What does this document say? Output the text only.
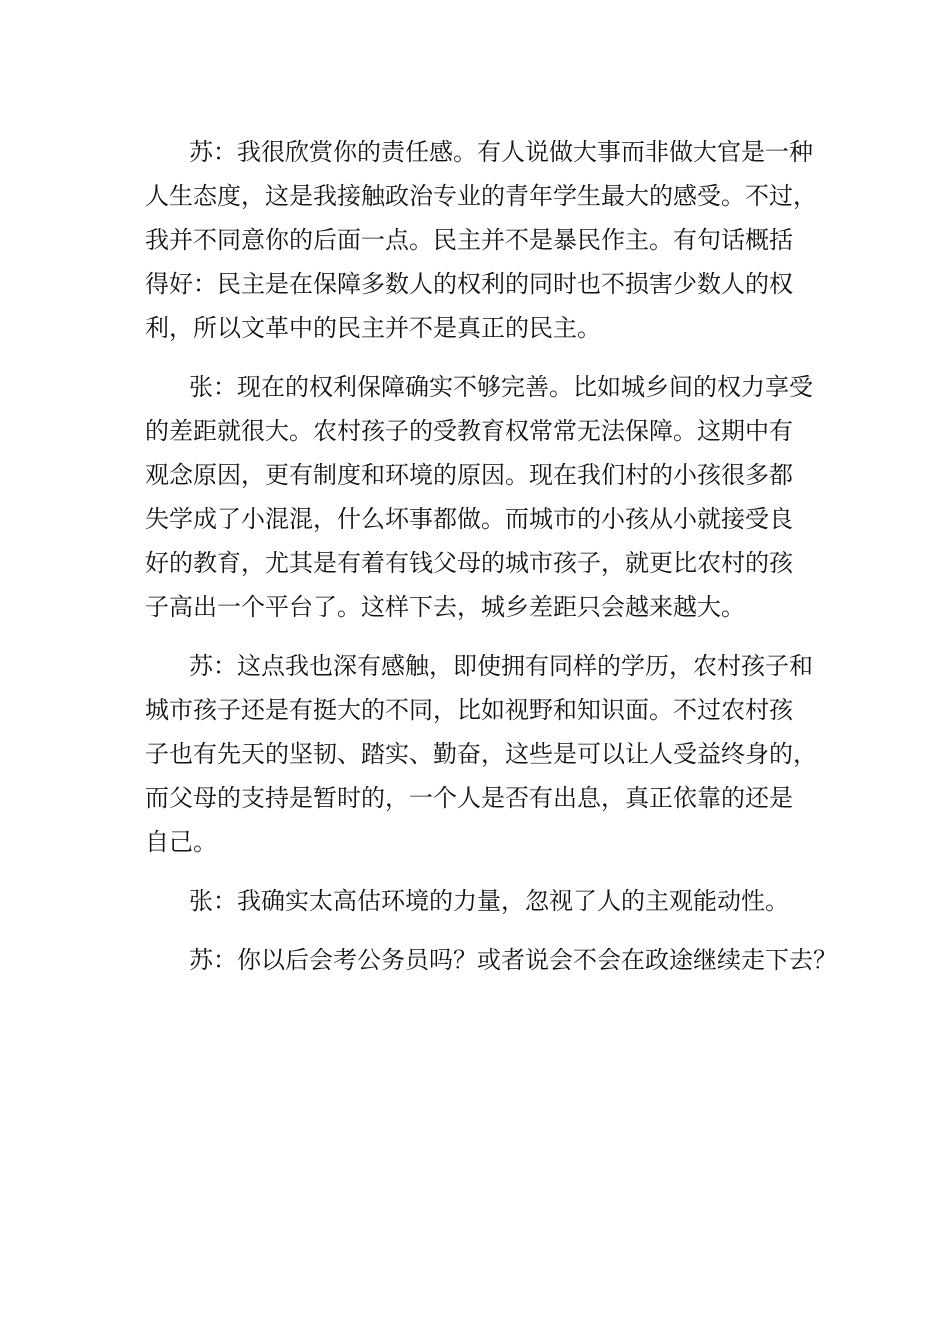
苏：我很欣赏你的责任感。有人说做大事而非做大官是一种
人生态度，这是我接触政治专业的青年学生最大的感受。不过，
我并不同意你的后面一点。民主并不是暴民作主。有句话概括
得好：民主是在保障多数人的权利的同时也不损害少数人的权
利，所以文革中的民主并不是真正的民主。

张：现在的权利保障确实不够完善。比如城乡间的权力享受
的差距就很大。农村孩子的受教育权常常无法保障。这期中有
观念原因，更有制度和环境的原因。现在我们村的小孩很多都
失学成了小混混，什么坏事都做。而城市的小孩从小就接受良
好的教育，尤其是有着有钱父母的城市孩子，就更比农村的孩
子高出一个平台了。这样下去，城乡差距只会越来越大。

苏：这点我也深有感触，即使拥有同样的学历，农村孩子和
城市孩子还是有挺大的不同，比如视野和知识面。不过农村孩
子也有先天的坚韧、踏实、勤奋，这些是可以让人受益终身的，
而父母的支持是暂时的，一个人是否有出息，真正依靠的还是
自己。

张：我确实太高估环境的力量，忽视了人的主观能动性。

苏：你以后会考公务员吗？或者说会不会在政途继续走下去？
